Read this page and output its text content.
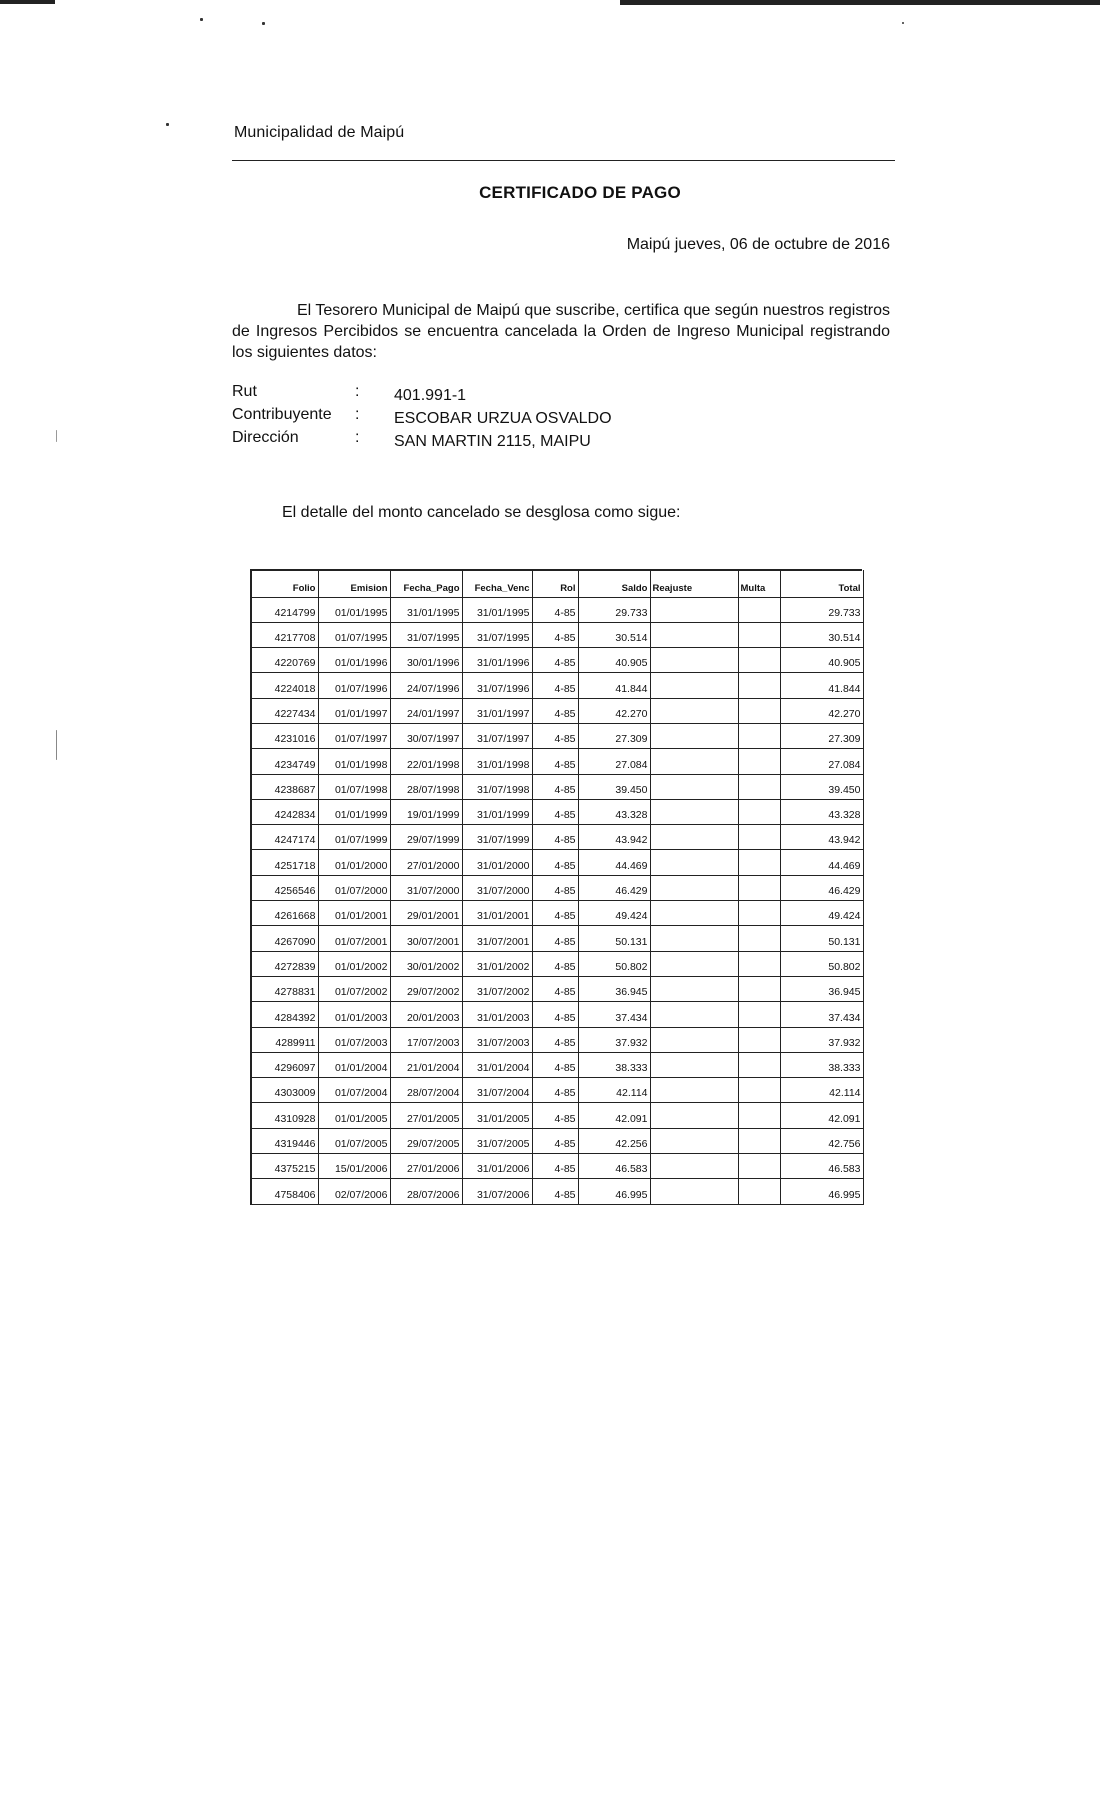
Municipalidad de Maipú
CERTIFICADO DE PAGO
Maipú jueves, 06 de octubre de 2016
El Tesorero Municipal de Maipú que suscribe, certifica que según nuestros registros de Ingresos Percibidos se encuentra cancelada la Orden de Ingreso Municipal registrando los siguientes datos:
Rut	: 401.991-1
Contribuyente	: ESCOBAR URZUA OSVALDO
Dirección	: SAN MARTIN 2115, MAIPU
El detalle del monto cancelado se desglosa como sigue:
Folio	Emision	Fecha_Pago	Fecha_Venc	Rol	Saldo	Reajuste	Multa	Total
4214799	01/01/1995	31/01/1995	31/01/1995	4-85	29.733			29.733
4217708	01/07/1995	31/07/1995	31/07/1995	4-85	30.514			30.514
4220769	01/01/1996	30/01/1996	31/01/1996	4-85	40.905			40.905
4224018	01/07/1996	24/07/1996	31/07/1996	4-85	41.844			41.844
4227434	01/01/1997	24/01/1997	31/01/1997	4-85	42.270			42.270
4231016	01/07/1997	30/07/1997	31/07/1997	4-85	27.309			27.309
4234749	01/01/1998	22/01/1998	31/01/1998	4-85	27.084			27.084
4238687	01/07/1998	28/07/1998	31/07/1998	4-85	39.450			39.450
4242834	01/01/1999	19/01/1999	31/01/1999	4-85	43.328			43.328
4247174	01/07/1999	29/07/1999	31/07/1999	4-85	43.942			43.942
4251718	01/01/2000	27/01/2000	31/01/2000	4-85	44.469			44.469
4256546	01/07/2000	31/07/2000	31/07/2000	4-85	46.429			46.429
4261668	01/01/2001	29/01/2001	31/01/2001	4-85	49.424			49.424
4267090	01/07/2001	30/07/2001	31/07/2001	4-85	50.131			50.131
4272839	01/01/2002	30/01/2002	31/01/2002	4-85	50.802			50.802
4278831	01/07/2002	29/07/2002	31/07/2002	4-85	36.945			36.945
4284392	01/01/2003	20/01/2003	31/01/2003	4-85	37.434			37.434
4289911	01/07/2003	17/07/2003	31/07/2003	4-85	37.932			37.932
4296097	01/01/2004	21/01/2004	31/01/2004	4-85	38.333			38.333
4303009	01/07/2004	28/07/2004	31/07/2004	4-85	42.114			42.114
4310928	01/01/2005	27/01/2005	31/01/2005	4-85	42.091			42.091
4319446	01/07/2005	29/07/2005	31/07/2005	4-85	42.256			42.756
4375215	15/01/2006	27/01/2006	31/01/2006	4-85	46.583			46.583
4758406	02/07/2006	28/07/2006	31/07/2006	4-85	46.995			46.995
